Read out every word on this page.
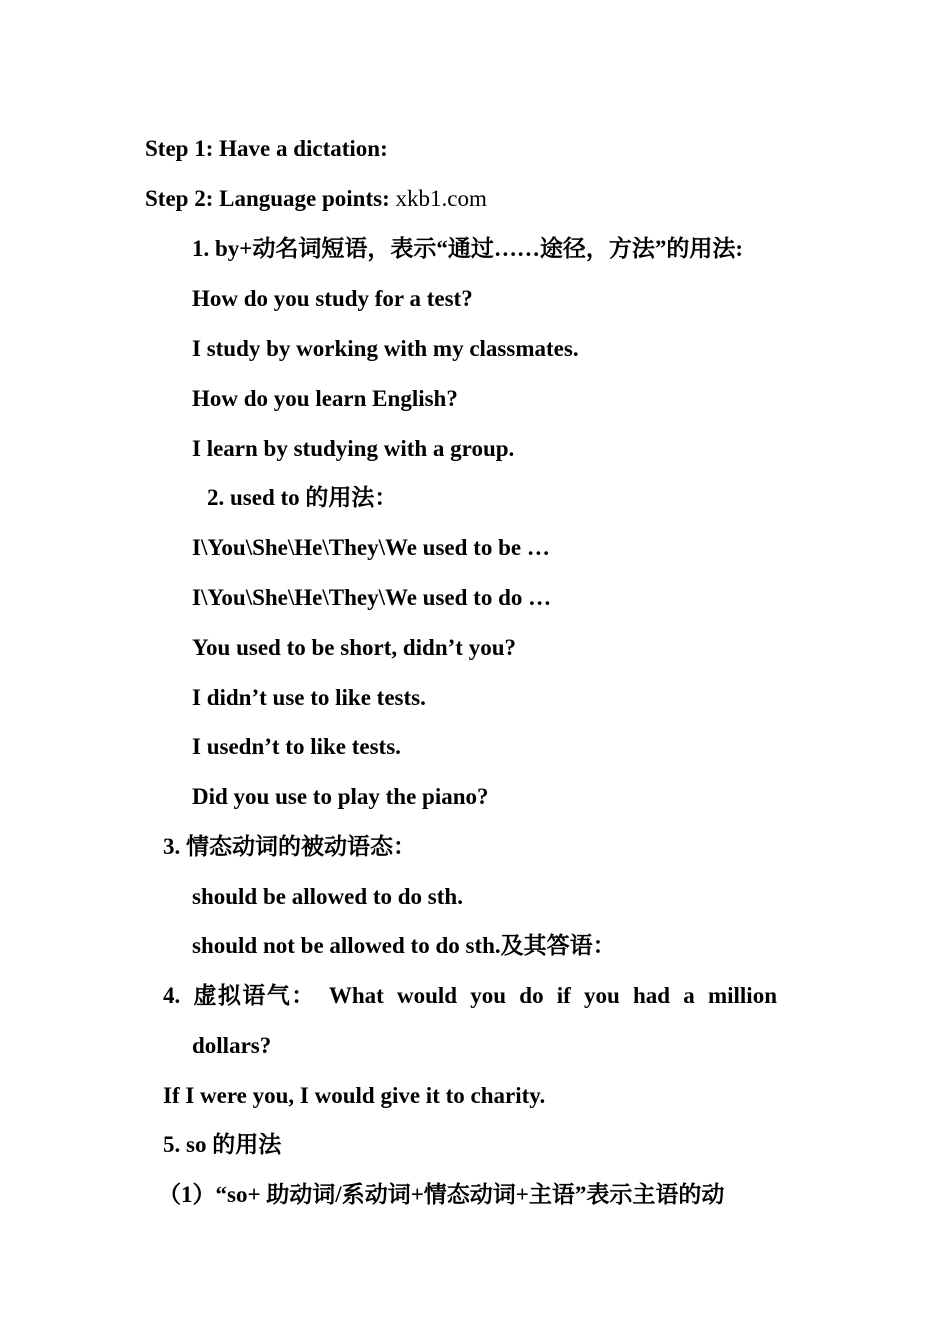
Step 1: Have a dictation:
Step 2: Language points: xkb1.com
1. by+动名词短语，表示“通过……途径，方法”的用法:
How do you study for a test?
I study by working with my classmates.
How do you learn English?
I learn by studying with a group.
2. used to 的用法：
I\You\She\He\They\We used to be …
I\You\She\He\They\We used to do …
You used to be short, didn’t you?
I didn’t use to like tests.
I usedn’t to like tests.
Did you use to play the piano?
3. 情态动词的被动语态：
should be allowed to do sth.
should not be allowed to do sth.及其答语：
4. 虚拟语气： What would you do if you had a million
dollars?
If I were you, I would give it to charity.
5. so 的用法
（1）“so+ 助动词/系动词+情态动词+主语”表示主语的动
